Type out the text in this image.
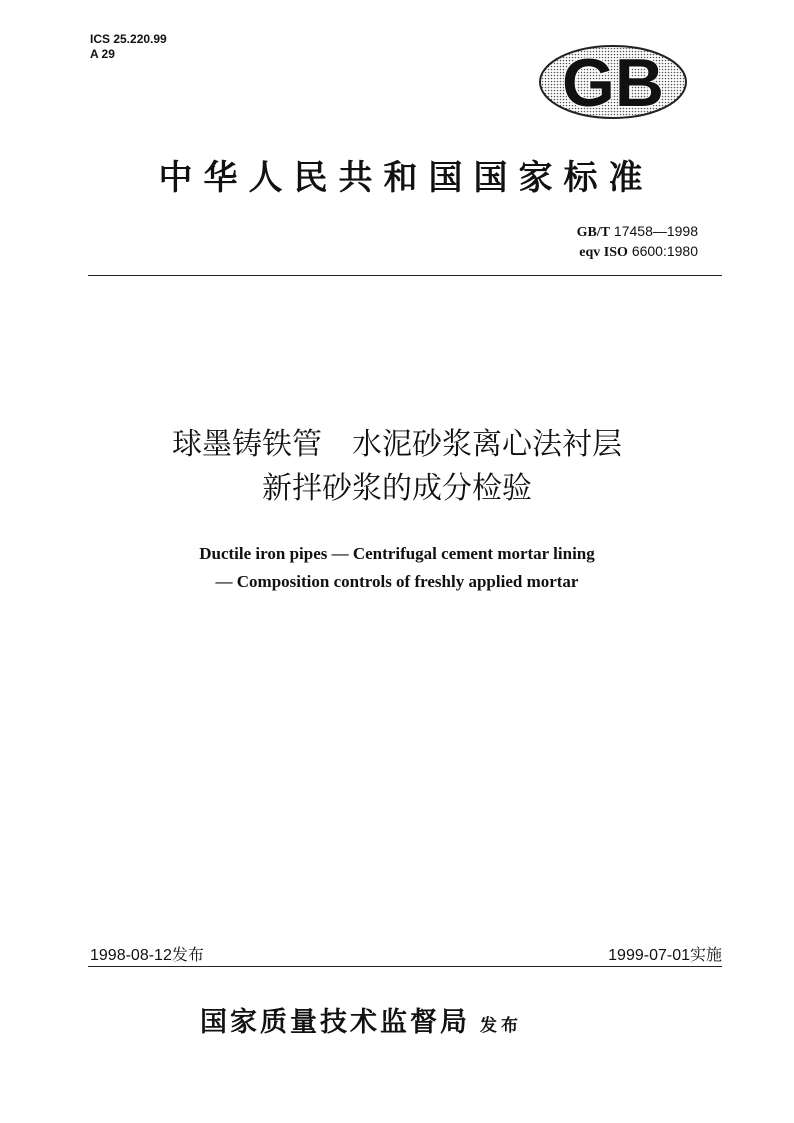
ICS 25.220.99
A 29	GB
中华人民共和国国家标准
GB/T 17458—1998
eqv ISO 6600:1980
球墨铸铁管　水泥砂浆离心法衬层
新拌砂浆的成分检验
Ductile iron pipes — Centrifugal cement mortar lining
— Composition controls of freshly applied mortar
1998-08-12发布	1999-07-01实施
国家质量技术监督局 发布
